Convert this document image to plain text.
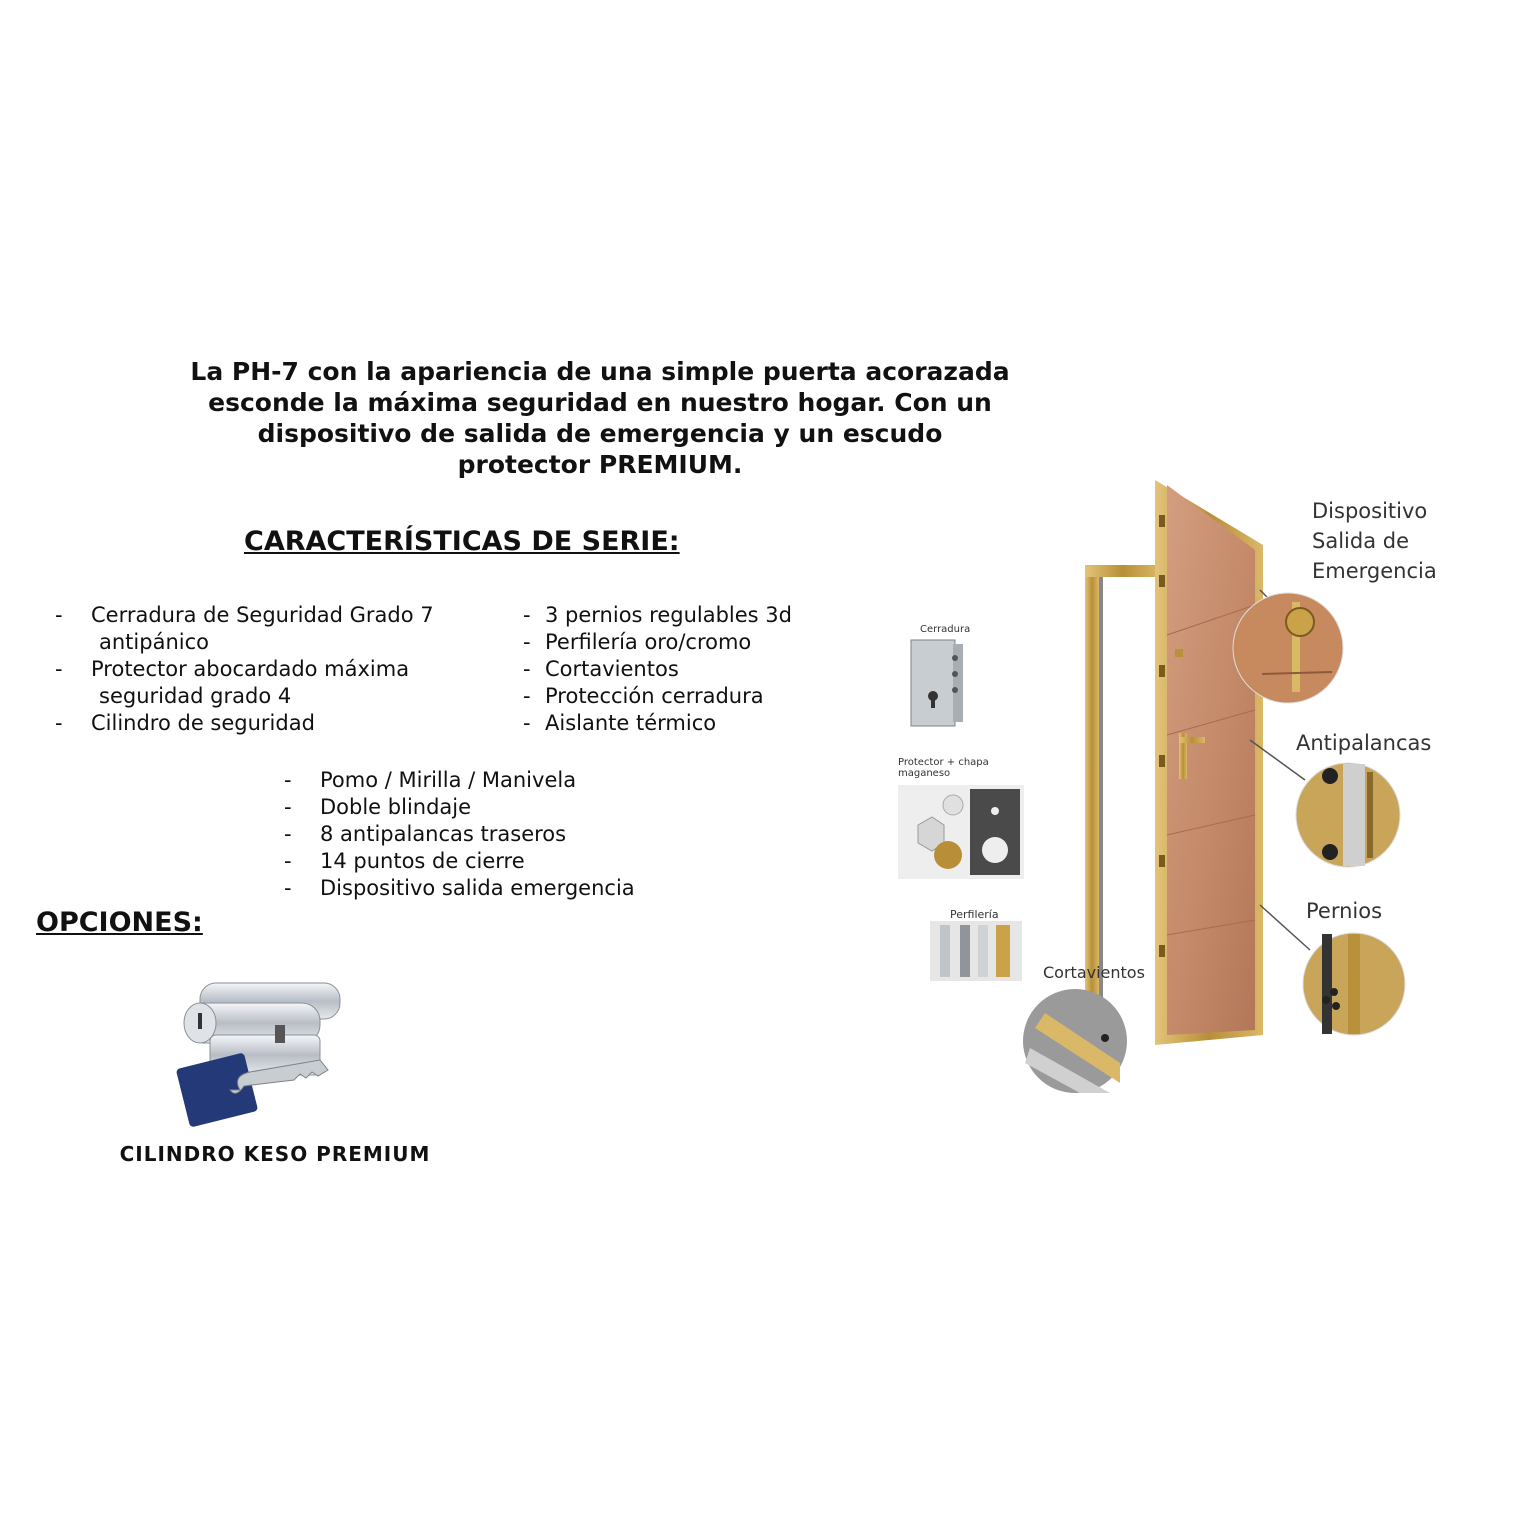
La PH-7 con la apariencia de una simple puerta acorazada esconde la máxima seguridad en nuestro hogar. Con un dispositivo de salida de emergencia y un escudo protector PREMIUM.

CARACTERÍSTICAS DE SERIE:

- Cerradura de Seguridad Grado 7
antipánico
- Protector abocardado máxima
seguridad grado 4
- Cilindro de seguridad
- 3 pernios regulables 3d
- Perfilería oro/cromo
- Cortavientos
- Protección cerradura
- Aislante térmico
- Pomo / Mirilla / Manivela
- Doble blindaje
- 8 antipalancas traseros
- 14 puntos de cierre
- Dispositivo salida emergencia

OPCIONES:

CILINDRO KESO PREMIUM
Dispositivo
Salida de
Emergencia
Antipalancas
Pernios
Cortavientos
Cerradura
Protector + chapa
maganeso
Perfilería
